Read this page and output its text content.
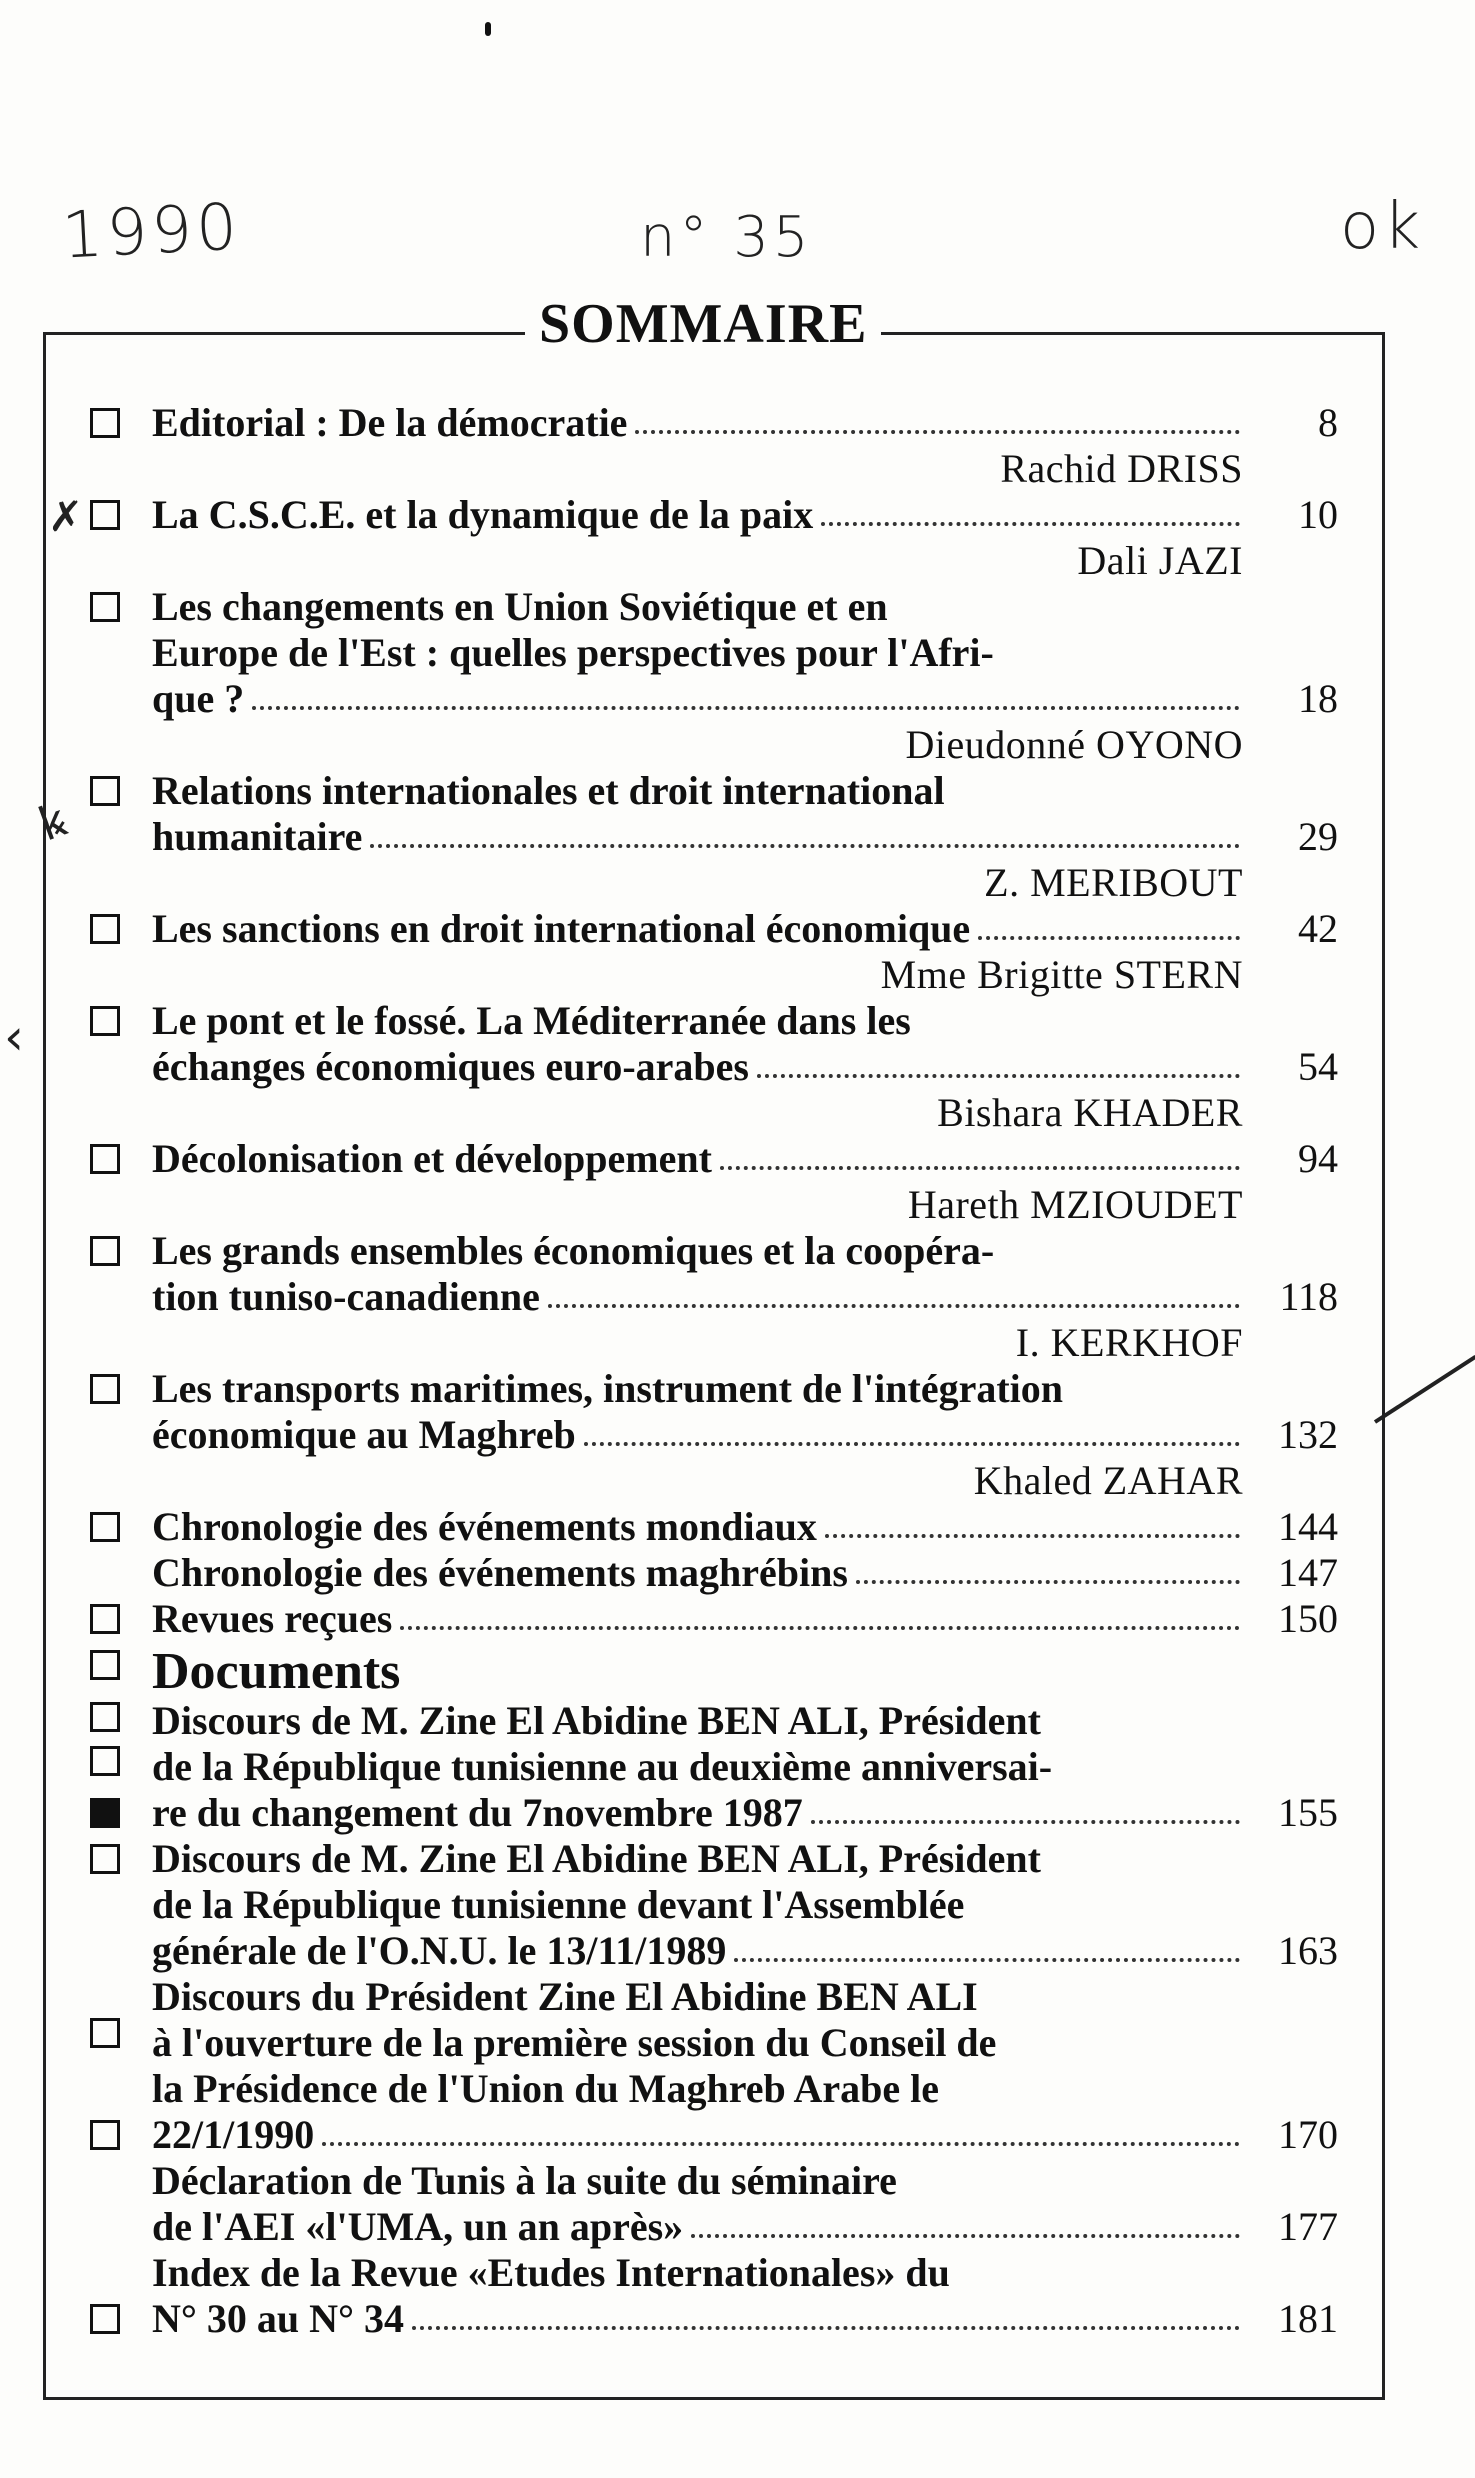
1990	n° 35	ok
SOMMAIRE
Editorial : De la démocratie	8
Rachid DRISS
La C.S.C.E. et la dynamique de la paix	10
Dali JAZI
Les changements en Union Soviétique et en
Europe de l'Est : quelles perspectives pour l'Afri-
que ?	18
Dieudonné OYONO
Relations internationales et droit international
humanitaire	29
Z. MERIBOUT
Les sanctions en droit international économique	42
Mme Brigitte STERN
Le pont et le fossé. La Méditerranée dans les
échanges économiques euro-arabes	54
Bishara KHADER
Décolonisation et développement	94
Hareth MZIOUDET
Les grands ensembles économiques et la coopéra-
tion tuniso-canadienne	118
I. KERKHOF
Les transports maritimes, instrument de l'intégration
économique au Maghreb	132
Khaled ZAHAR
Chronologie des événements mondiaux	144
Chronologie des événements maghrébins	147
Revues reçues	150
Documents
Discours de M. Zine El Abidine BEN ALI, Président
de la République tunisienne au deuxième anniversai-
re du changement du 7novembre 1987	155
Discours de M. Zine El Abidine BEN ALI, Président
de la République tunisienne devant l'Assemblée
générale de l'O.N.U. le 13/11/1989	163
Discours du Président Zine El Abidine BEN ALI
à l'ouverture de la première session du Conseil de
la Présidence de l'Union du Maghreb Arabe le
22/1/1990	170
Déclaration de Tunis à la suite du séminaire
de l'AEI «l'UMA, un an après»	177
Index de la Revue «Etudes Internationales» du
N° 30 au N° 34	181
✗
ꝃ
‹
